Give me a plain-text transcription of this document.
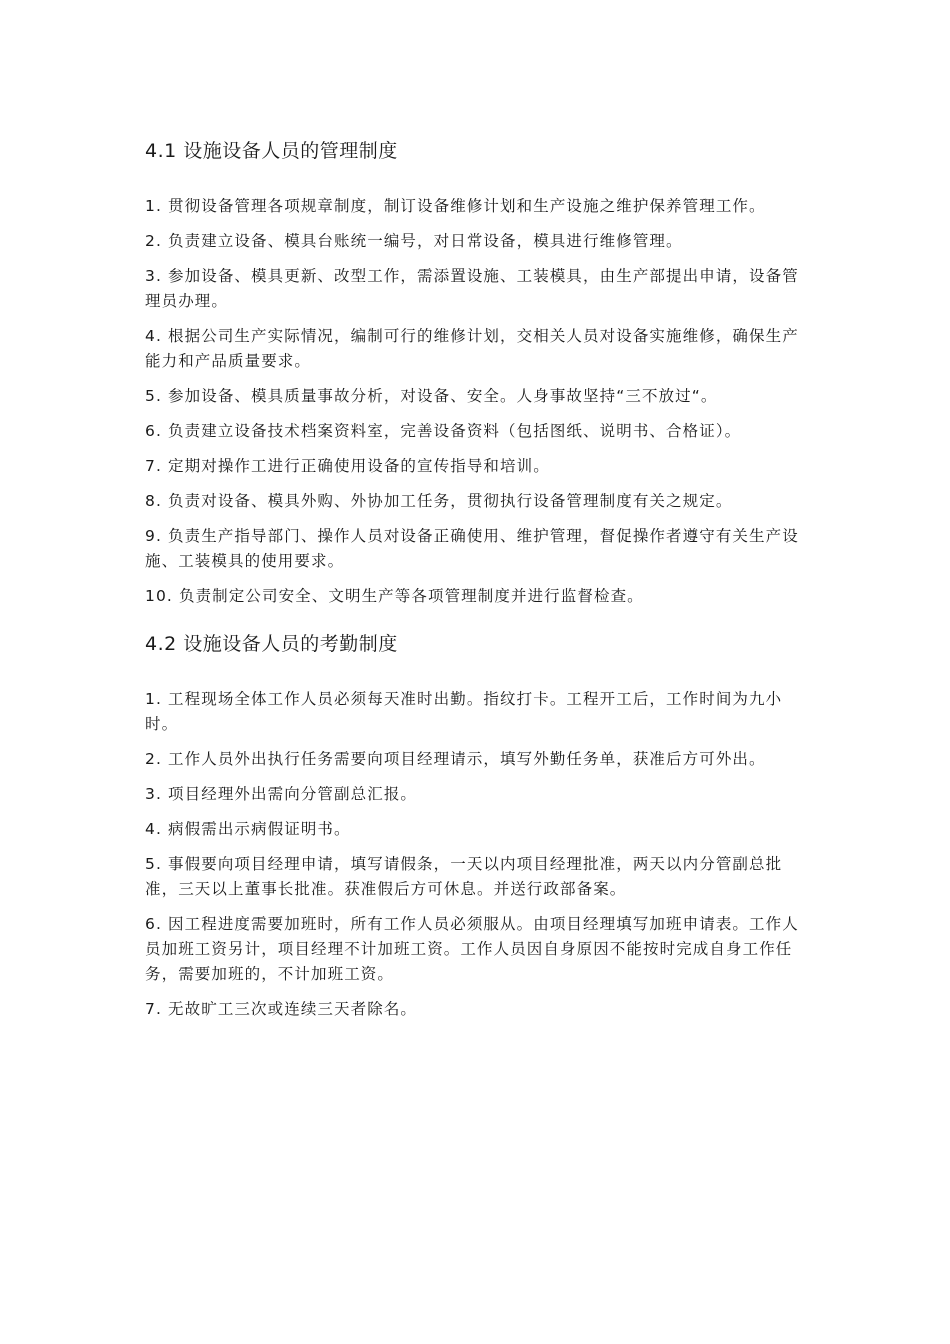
4.1 设施设备人员的管理制度

1. 贯彻设备管理各项规章制度，制订设备维修计划和生产设施之维护保养管理工作。

2. 负责建立设备、模具台账统一编号，对日常设备，模具进行维修管理。

3. 参加设备、模具更新、改型工作，需添置设施、工装模具，由生产部提出申请，设备管理员办理。

4. 根据公司生产实际情况，编制可行的维修计划，交相关人员对设备实施维修，确保生产能力和产品质量要求。

5. 参加设备、模具质量事故分析，对设备、安全。人身事故坚持“三不放过“。

6. 负责建立设备技术档案资料室，完善设备资料（包括图纸、说明书、合格证）。

7. 定期对操作工进行正确使用设备的宣传指导和培训。

8. 负责对设备、模具外购、外协加工任务，贯彻执行设备管理制度有关之规定。

9. 负责生产指导部门、操作人员对设备正确使用、维护管理，督促操作者遵守有关生产设施、工装模具的使用要求。

10. 负责制定公司安全、文明生产等各项管理制度并进行监督检查。

4.2 设施设备人员的考勤制度

1. 工程现场全体工作人员必须每天准时出勤。指纹打卡。工程开工后，工作时间为九小时。

2. 工作人员外出执行任务需要向项目经理请示，填写外勤任务单，获准后方可外出。

3. 项目经理外出需向分管副总汇报。

4. 病假需出示病假证明书。

5. 事假要向项目经理申请，填写请假条，一天以内项目经理批准，两天以内分管副总批准，三天以上董事长批准。获准假后方可休息。并送行政部备案。

6. 因工程进度需要加班时，所有工作人员必须服从。由项目经理填写加班申请表。工作人员加班工资另计，项目经理不计加班工资。工作人员因自身原因不能按时完成自身工作任务，需要加班的，不计加班工资。

7. 无故旷工三次或连续三天者除名。
